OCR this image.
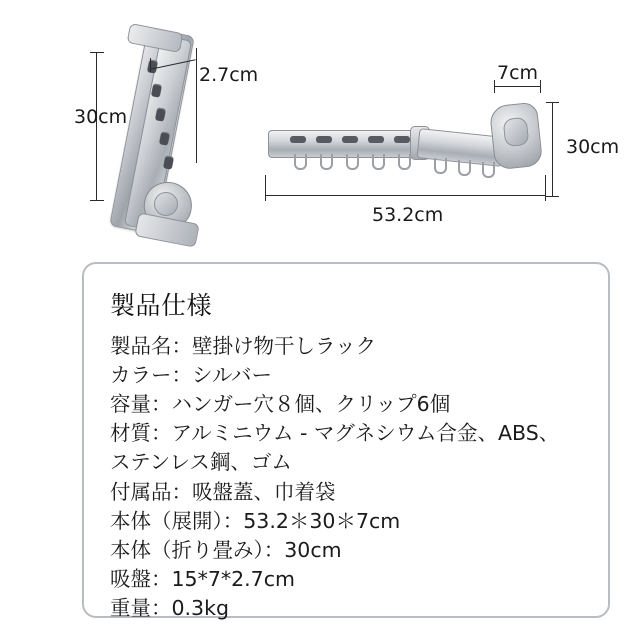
30cm
2.7cm	7cm
30cm
53.2cm
製品仕様
製品名：壁掛け物干しラック
カラー：シルバー
容量：ハンガー穴８個、クリップ6個
材質：アルミニウム - マグネシウム合金、ABS、
ステンレス鋼、ゴム
付属品：吸盤蓋、巾着袋
本体（展開）：53.2＊30＊7cm
本体（折り畳み）：30cm
吸盤：15*7*2.7cm
重量：0.3kg
